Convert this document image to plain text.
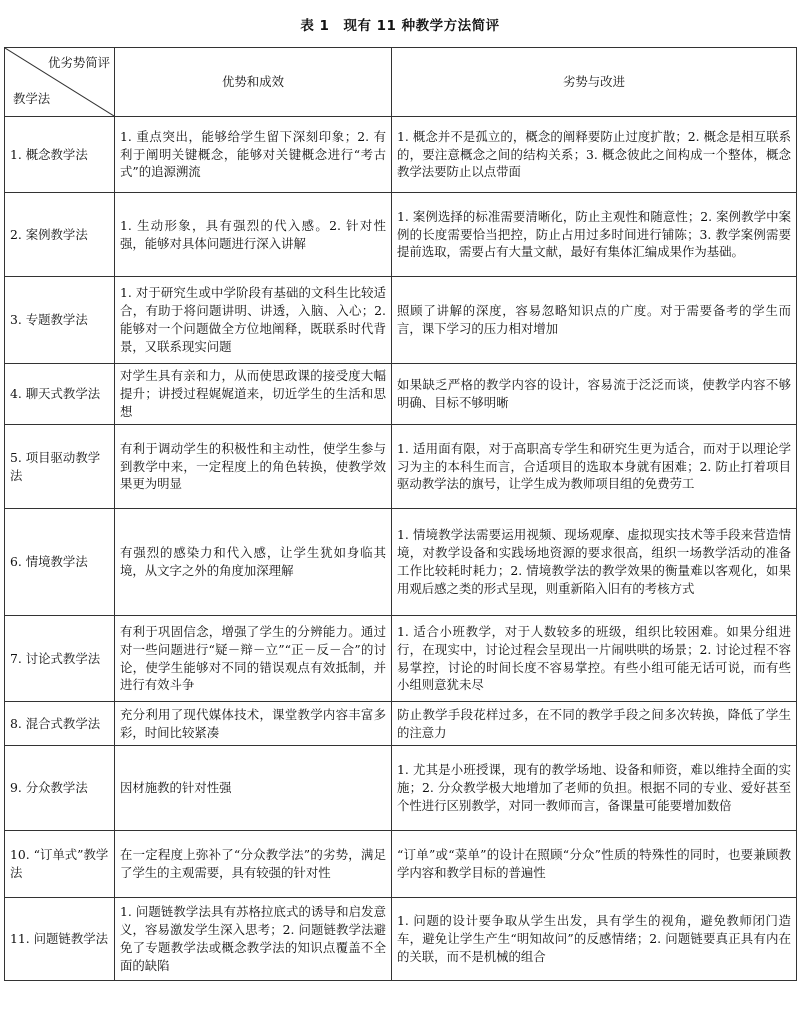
表 1　现有 11 种教学方法简评
优劣势简评
教学法	优势和成效	劣势与改进
1. 概念教学法	1. 重点突出，能够给学生留下深刻印象；2. 有利于阐明关键概念，能够对关键概念进行“考古式”的追源溯流	1. 概念并不是孤立的，概念的阐释要防止过度扩散；2. 概念是相互联系的，要注意概念之间的结构关系；3. 概念彼此之间构成一个整体，概念教学法要防止以点带面
2. 案例教学法	1. 生动形象，具有强烈的代入感。2. 针对性强，能够对具体问题进行深入讲解	1. 案例选择的标准需要清晰化，防止主观性和随意性；2. 案例教学中案例的长度需要恰当把控，防止占用过多时间进行铺陈；3. 教学案例需要提前选取，需要占有大量文献，最好有集体汇编成果作为基础。
3. 专题教学法	1. 对于研究生或中学阶段有基础的文科生比较适合，有助于将问题讲明、讲透，入脑、入心；2. 能够对一个问题做全方位地阐释，既联系时代背景，又联系现实问题	照顾了讲解的深度，容易忽略知识点的广度。对于需要备考的学生而言，课下学习的压力相对增加
4. 聊天式教学法	对学生具有亲和力，从而使思政课的接受度大幅提升；讲授过程娓娓道来，切近学生的生活和思想	如果缺乏严格的教学内容的设计，容易流于泛泛而谈，使教学内容不够明确、目标不够明晰
5. 项目驱动教学法	有利于调动学生的积极性和主动性，使学生参与到教学中来，一定程度上的角色转换，使教学效果更为明显	1. 适用面有限，对于高职高专学生和研究生更为适合，而对于以理论学习为主的本科生而言，合适项目的选取本身就有困难；2. 防止打着项目驱动教学法的旗号，让学生成为教师项目组的免费劳工
6. 情境教学法	有强烈的感染力和代入感，让学生犹如身临其境，从文字之外的角度加深理解	1. 情境教学法需要运用视频、现场观摩、虚拟现实技术等手段来营造情境，对教学设备和实践场地资源的要求很高，组织一场教学活动的准备工作比较耗时耗力；2. 情境教学法的教学效果的衡量难以客观化，如果用观后感之类的形式呈现，则重新陷入旧有的考核方式
7. 讨论式教学法	有利于巩固信念，增强了学生的分辨能力。通过对一些问题进行“疑－辩－立”“正－反－合”的讨论，使学生能够对不同的错误观点有效抵制，并进行有效斗争	1. 适合小班教学，对于人数较多的班级，组织比较困难。如果分组进行，在现实中，讨论过程会呈现出一片闹哄哄的场景；2. 讨论过程不容易掌控，讨论的时间长度不容易掌控。有些小组可能无话可说，而有些小组则意犹未尽
8. 混合式教学法	充分利用了现代媒体技术，课堂教学内容丰富多彩，时间比较紧凑	防止教学手段花样过多，在不同的教学手段之间多次转换，降低了学生的注意力
9. 分众教学法	因材施教的针对性强	1. 尤其是小班授课，现有的教学场地、设备和师资，难以维持全面的实施；2. 分众教学极大地增加了老师的负担。根据不同的专业、爱好甚至个性进行区别教学，对同一教师而言，备课量可能要增加数倍
10. “订单式”教学法	在一定程度上弥补了“分众教学法”的劣势，满足了学生的主观需要，具有较强的针对性	“订单”或“菜单”的设计在照顾“分众”性质的特殊性的同时，也要兼顾教学内容和教学目标的普遍性
11. 问题链教学法	1. 问题链教学法具有苏格拉底式的诱导和启发意义，容易激发学生深入思考；2. 问题链教学法避免了专题教学法或概念教学法的知识点覆盖不全面的缺陷	1. 问题的设计要争取从学生出发，具有学生的视角，避免教师闭门造车，避免让学生产生“明知故问”的反感情绪；2. 问题链要真正具有内在的关联，而不是机械的组合
